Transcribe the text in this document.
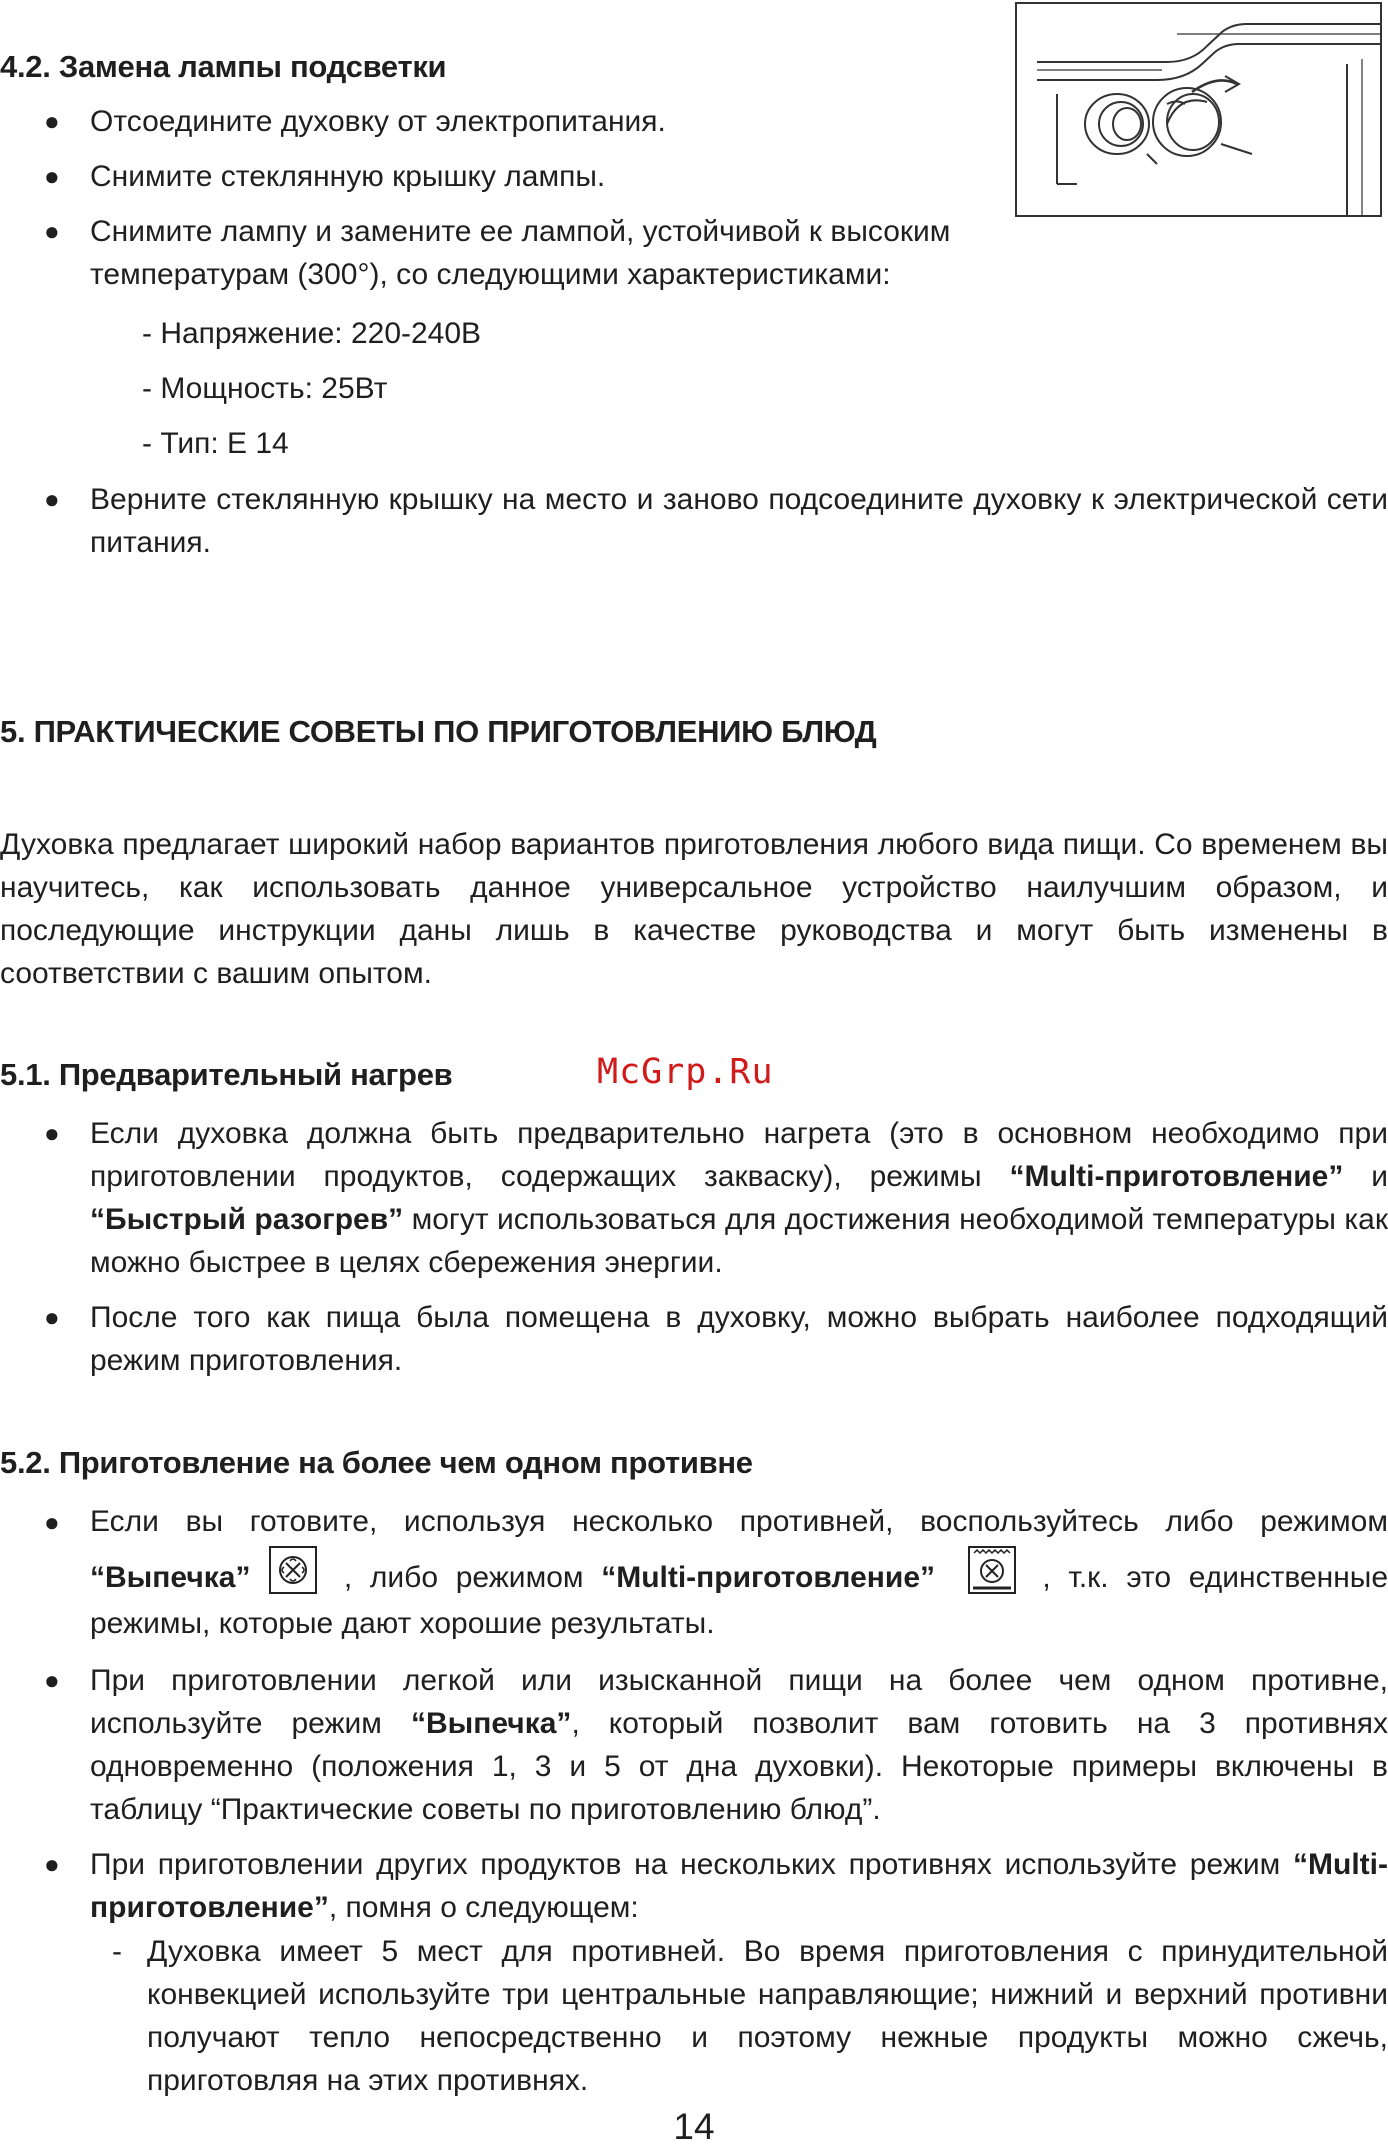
4.2. Замена лампы подсветки
● Отсоедините духовку от электропитания.
● Снимите стеклянную крышку лампы.
● Снимите лампу и замените ее лампой, устойчивой к высоким температурам (300°), со следующими характеристиками:
- Напряжение: 220-240В
- Мощность: 25Вт
- Тип: Е 14
● Верните стеклянную крышку на место и заново подсоедините духовку к электрической сети питания.
5. ПРАКТИЧЕСКИЕ СОВЕТЫ ПО ПРИГОТОВЛЕНИЮ БЛЮД
Духовка предлагает широкий набор вариантов приготовления любого вида пищи. Со временем вы научитесь, как использовать данное универсальное устройство наилучшим образом, и последующие инструкции даны лишь в качестве руководства и могут быть изменены в соответствии с вашим опытом.
5.1. Предварительный нагрев	McGrp.Ru
● Если духовка должна быть предварительно нагрета (это в основном необходимо при приготовлении продуктов, содержащих закваску), режимы “Multi-приготовление” и “Быстрый разогрев” могут использоваться для достижения необходимой температуры как можно быстрее в целях сбережения энергии.
● После того как пища была помещена в духовку, можно выбрать наиболее подходящий режим приготовления.
5.2. Приготовление на более чем одном противне
● Если вы готовите, используя несколько противней, воспользуйтесь либо режимом “Выпечка”	, либо режимом “Multi-приготовление”	, т.к. это единственные режимы, которые дают хорошие результаты.
● При приготовлении легкой или изысканной пищи на более чем одном противне, используйте режим “Выпечка”, который позволит вам готовить на 3 противнях одновременно (положения 1, 3 и 5 от дна духовки). Некоторые примеры включены в таблицу “Практические советы по приготовлению блюд”.
● При приготовлении других продуктов на нескольких противнях используйте режим “Multi-приготовление”, помня о следующем:
- Духовка имеет 5 мест для противней. Во время приготовления с принудительной конвекцией используйте три центральные направляющие; нижний и верхний противни получают тепло непосредственно и поэтому нежные продукты можно сжечь, приготовляя на этих противнях.
14
